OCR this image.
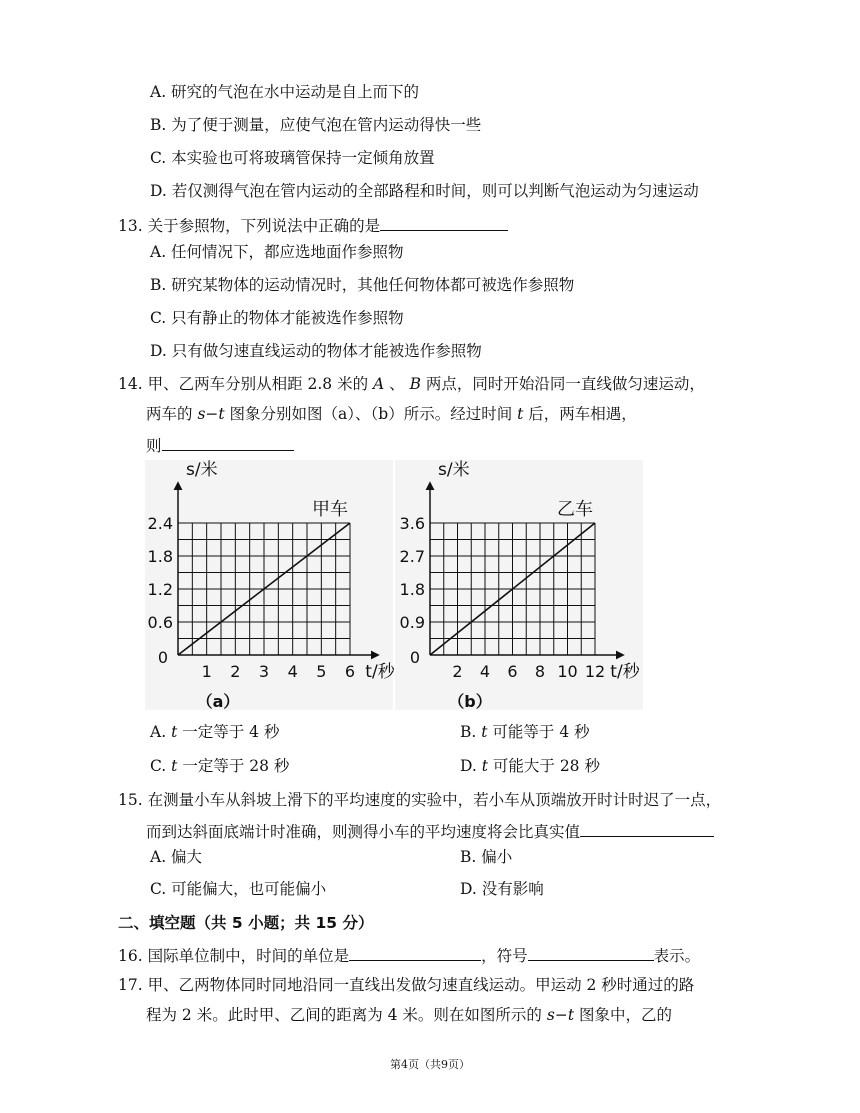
A. 研究的气泡在水中运动是自上而下的
B. 为了便于测量，应使气泡在管内运动得快一些
C. 本实验也可将玻璃管保持一定倾角放置
D. 若仅测得气泡在管内运动的全部路程和时间，则可以判断气泡运动为匀速运动
13. 关于参照物，下列说法中正确的是
A. 任何情况下，都应选地面作参照物
B. 研究某物体的运动情况时，其他任何物体都可被选作参照物
C. 只有静止的物体才能被选作参照物
D. 只有做匀速直线运动的物体才能被选作参照物
14. 甲、乙两车分别从相距 2.8 米的 A 、 B 两点，同时开始沿同一直线做匀速运动，
两车的 s−t 图象分别如图（a）、（b）所示。经过时间 t 后，两车相遇，
则
1 2 3 4 5 6
0.6
1.2
1.8
2.4
0
s/米
t/秒
甲车
（a）
2 4 6 8 10 12
0.9
1.8
2.7
3.6
0
s/米
t/秒
乙车
（b）
A. t 一定等于 4 秒	B. t 可能等于 4 秒
C. t 一定等于 28 秒	D. t 可能大于 28 秒
15. 在测量小车从斜坡上滑下的平均速度的实验中，若小车从顶端放开时计时迟了一点，
而到达斜面底端计时准确，则测得小车的平均速度将会比真实值
A. 偏大	B. 偏小
C. 可能偏大，也可能偏小	D. 没有影响
二、填空题（共 5 小题；共 15 分）
16. 国际单位制中，时间的单位是	，符号	表示。
17. 甲、乙两物体同时同地沿同一直线出发做匀速直线运动。甲运动 2 秒时通过的路
程为 2 米。此时甲、乙间的距离为 4 米。则在如图所示的 s−t 图象中，乙的
第4页（共9页）
